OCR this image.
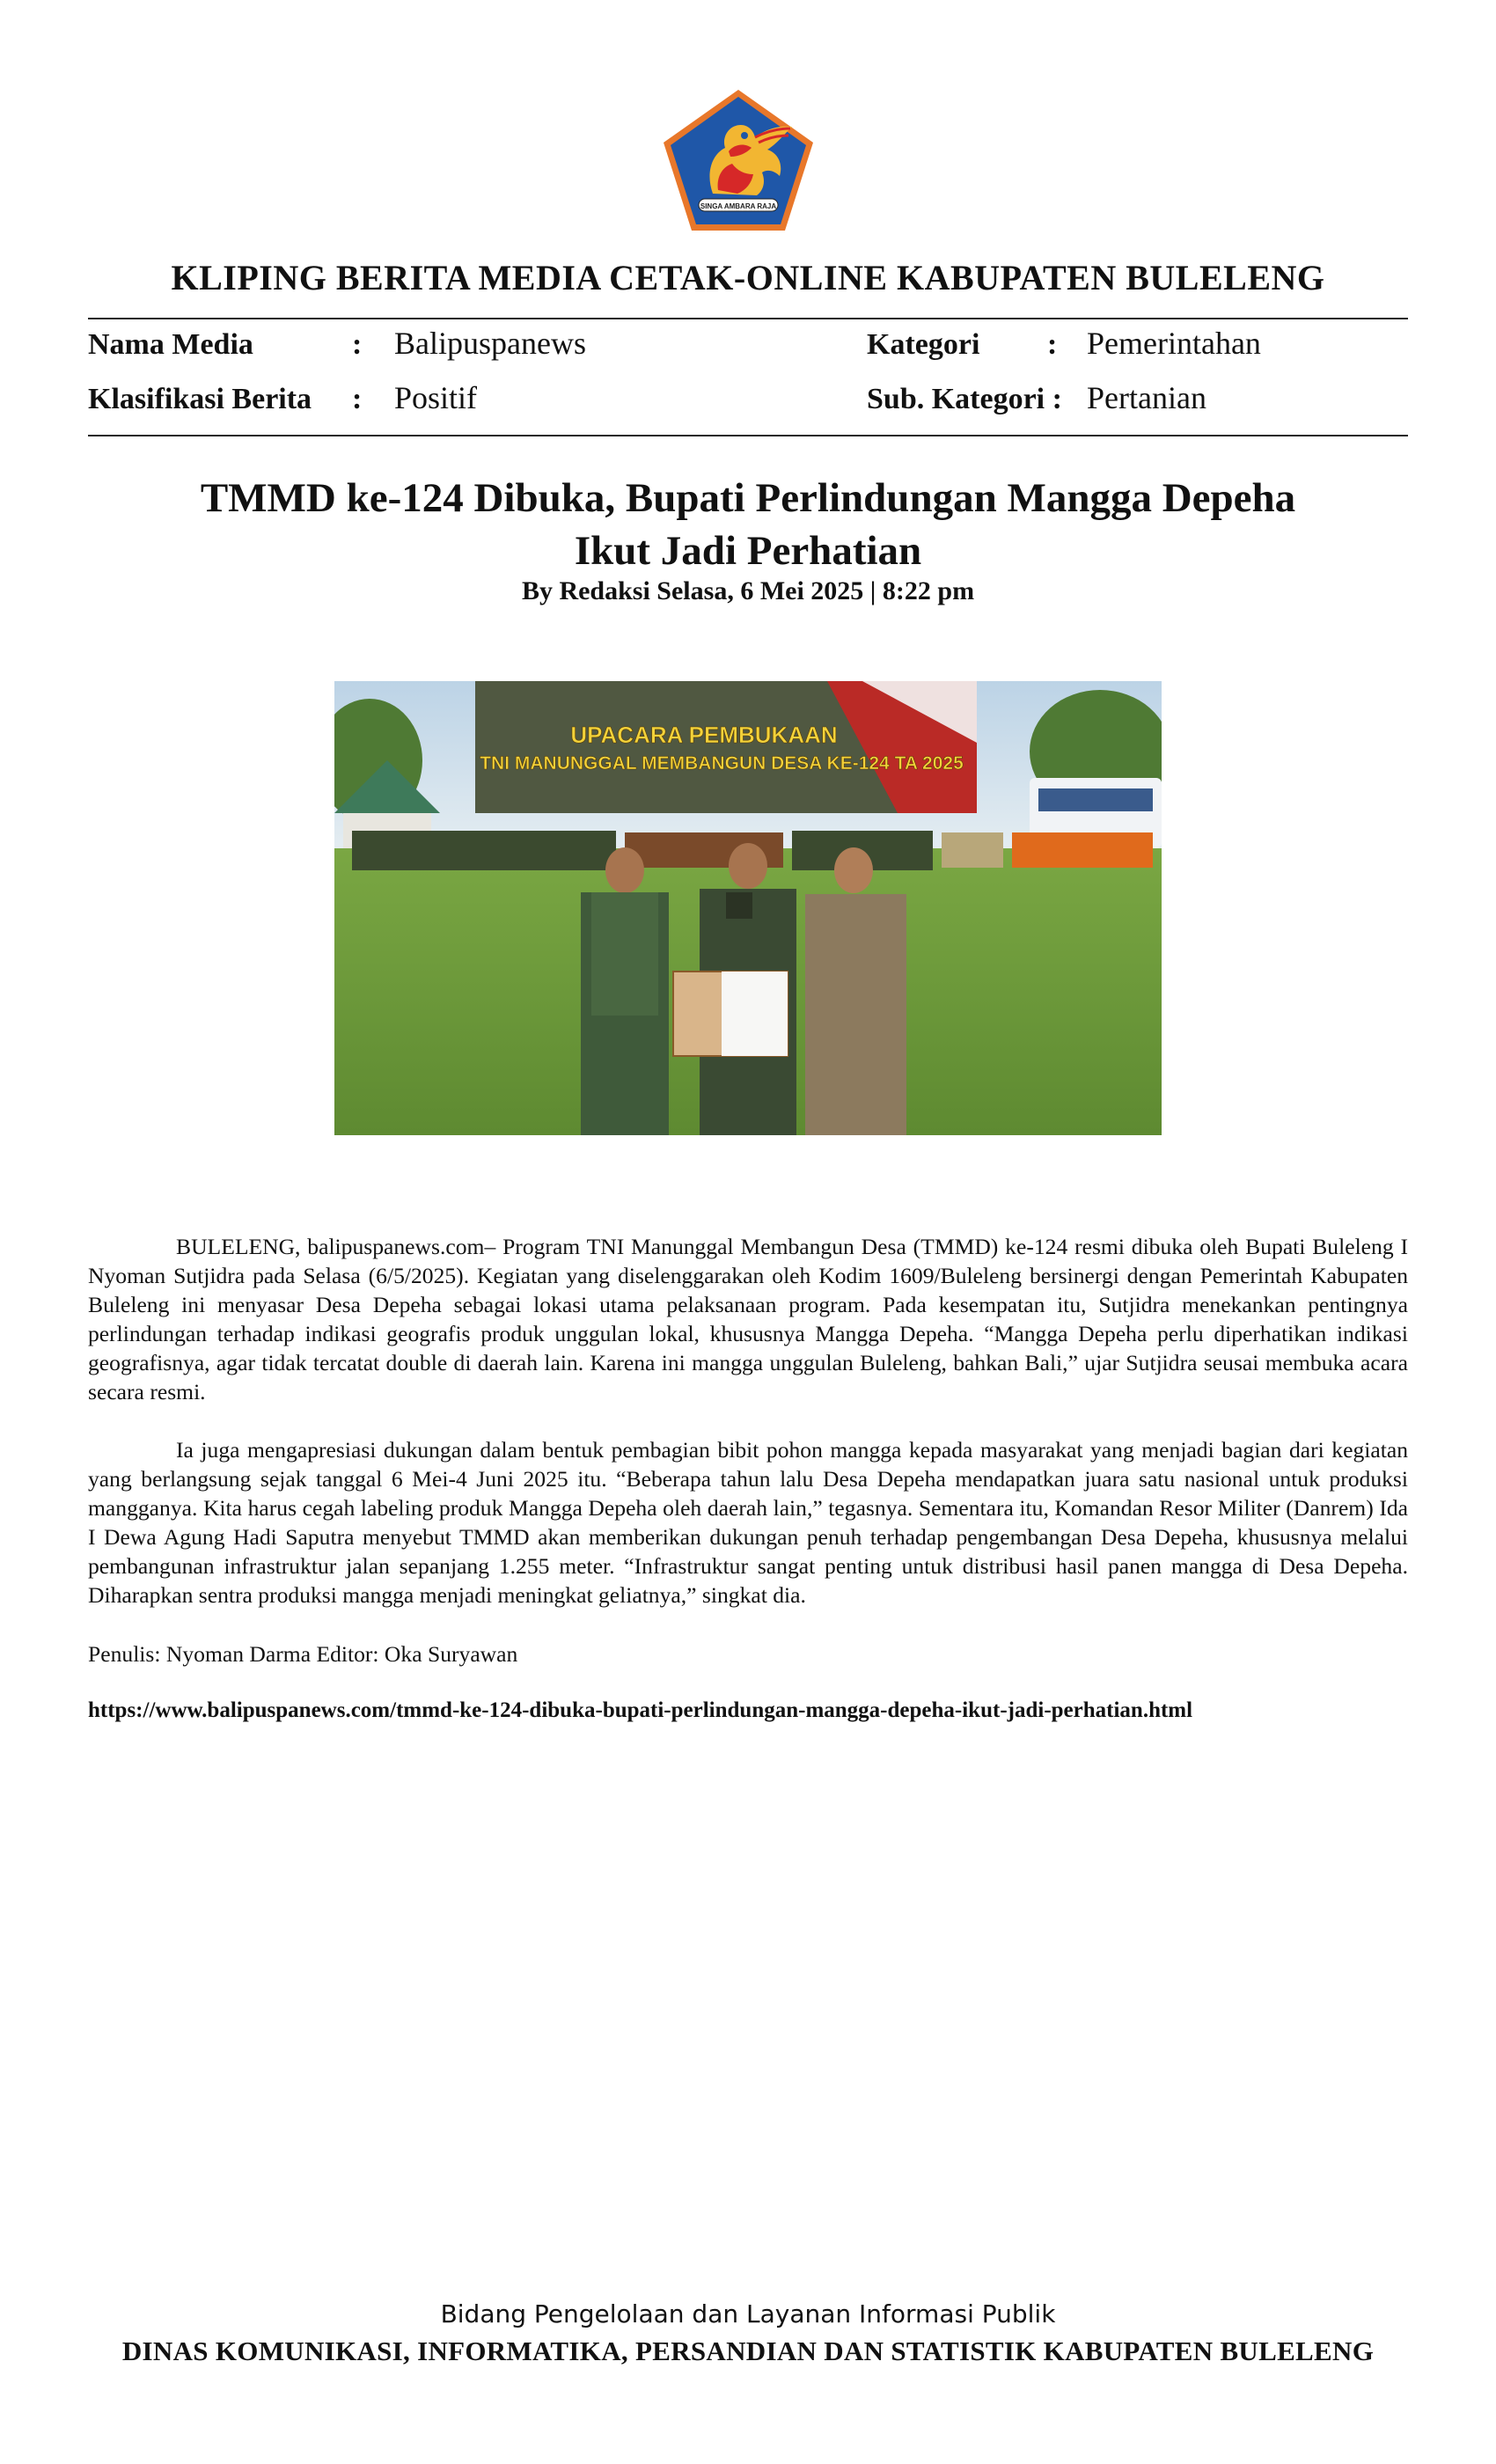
SINGA AMBARA RAJA
KLIPING BERITA MEDIA CETAK-ONLINE KABUPATEN BULELENG
Nama Media	: Balipuspanews	Kategori : Pemerintahan
Klasifikasi Berita : Positif	Sub. Kategori : Pertanian
TMMD ke-124 Dibuka, Bupati Perlindungan Mangga Depeha
Ikut Jadi Perhatian
By Redaksi Selasa, 6 Mei 2025 | 8:22 pm
UPACARA PEMBUKAAN
TNI MANUNGGAL MEMBANGUN DESA KE-124 TA 2025

BULELENG, balipuspanews.com– Program TNI Manunggal Membangun Desa (TMMD) ke-124 resmi dibuka oleh Bupati Buleleng I Nyoman Sutjidra pada Selasa (6/5/2025). Kegiatan yang diselenggarakan oleh Kodim 1609/Buleleng bersinergi dengan Pemerintah Kabupaten Buleleng ini menyasar Desa Depeha sebagai lokasi utama pelaksanaan program. Pada kesempatan itu, Sutjidra menekankan pentingnya perlindungan terhadap indikasi geografis produk unggulan lokal, khususnya Mangga Depeha. “Mangga Depeha perlu diperhatikan indikasi geografisnya, agar tidak tercatat double di daerah lain. Karena ini mangga unggulan Buleleng, bahkan Bali,” ujar Sutjidra seusai membuka acara secara resmi.

Ia juga mengapresiasi dukungan dalam bentuk pembagian bibit pohon mangga kepada masyarakat yang menjadi bagian dari kegiatan yang berlangsung sejak tanggal 6 Mei-4 Juni 2025 itu. “Beberapa tahun lalu Desa Depeha mendapatkan juara satu nasional untuk produksi mangganya. Kita harus cegah labeling produk Mangga Depeha oleh daerah lain,” tegasnya. Sementara itu, Komandan Resor Militer (Danrem) Ida I Dewa Agung Hadi Saputra menyebut TMMD akan memberikan dukungan penuh terhadap pengembangan Desa Depeha, khususnya melalui pembangunan infrastruktur jalan sepanjang 1.255 meter. “Infrastruktur sangat penting untuk distribusi hasil panen mangga di Desa Depeha. Diharapkan sentra produksi mangga menjadi meningkat geliatnya,” singkat dia.

Penulis: Nyoman Darma Editor: Oka Suryawan
https://www.balipuspanews.com/tmmd-ke-124-dibuka-bupati-perlindungan-mangga-depeha-ikut-jadi-perhatian.html
Bidang Pengelolaan dan Layanan Informasi Publik
DINAS KOMUNIKASI, INFORMATIKA, PERSANDIAN DAN STATISTIK KABUPATEN BULELENG
